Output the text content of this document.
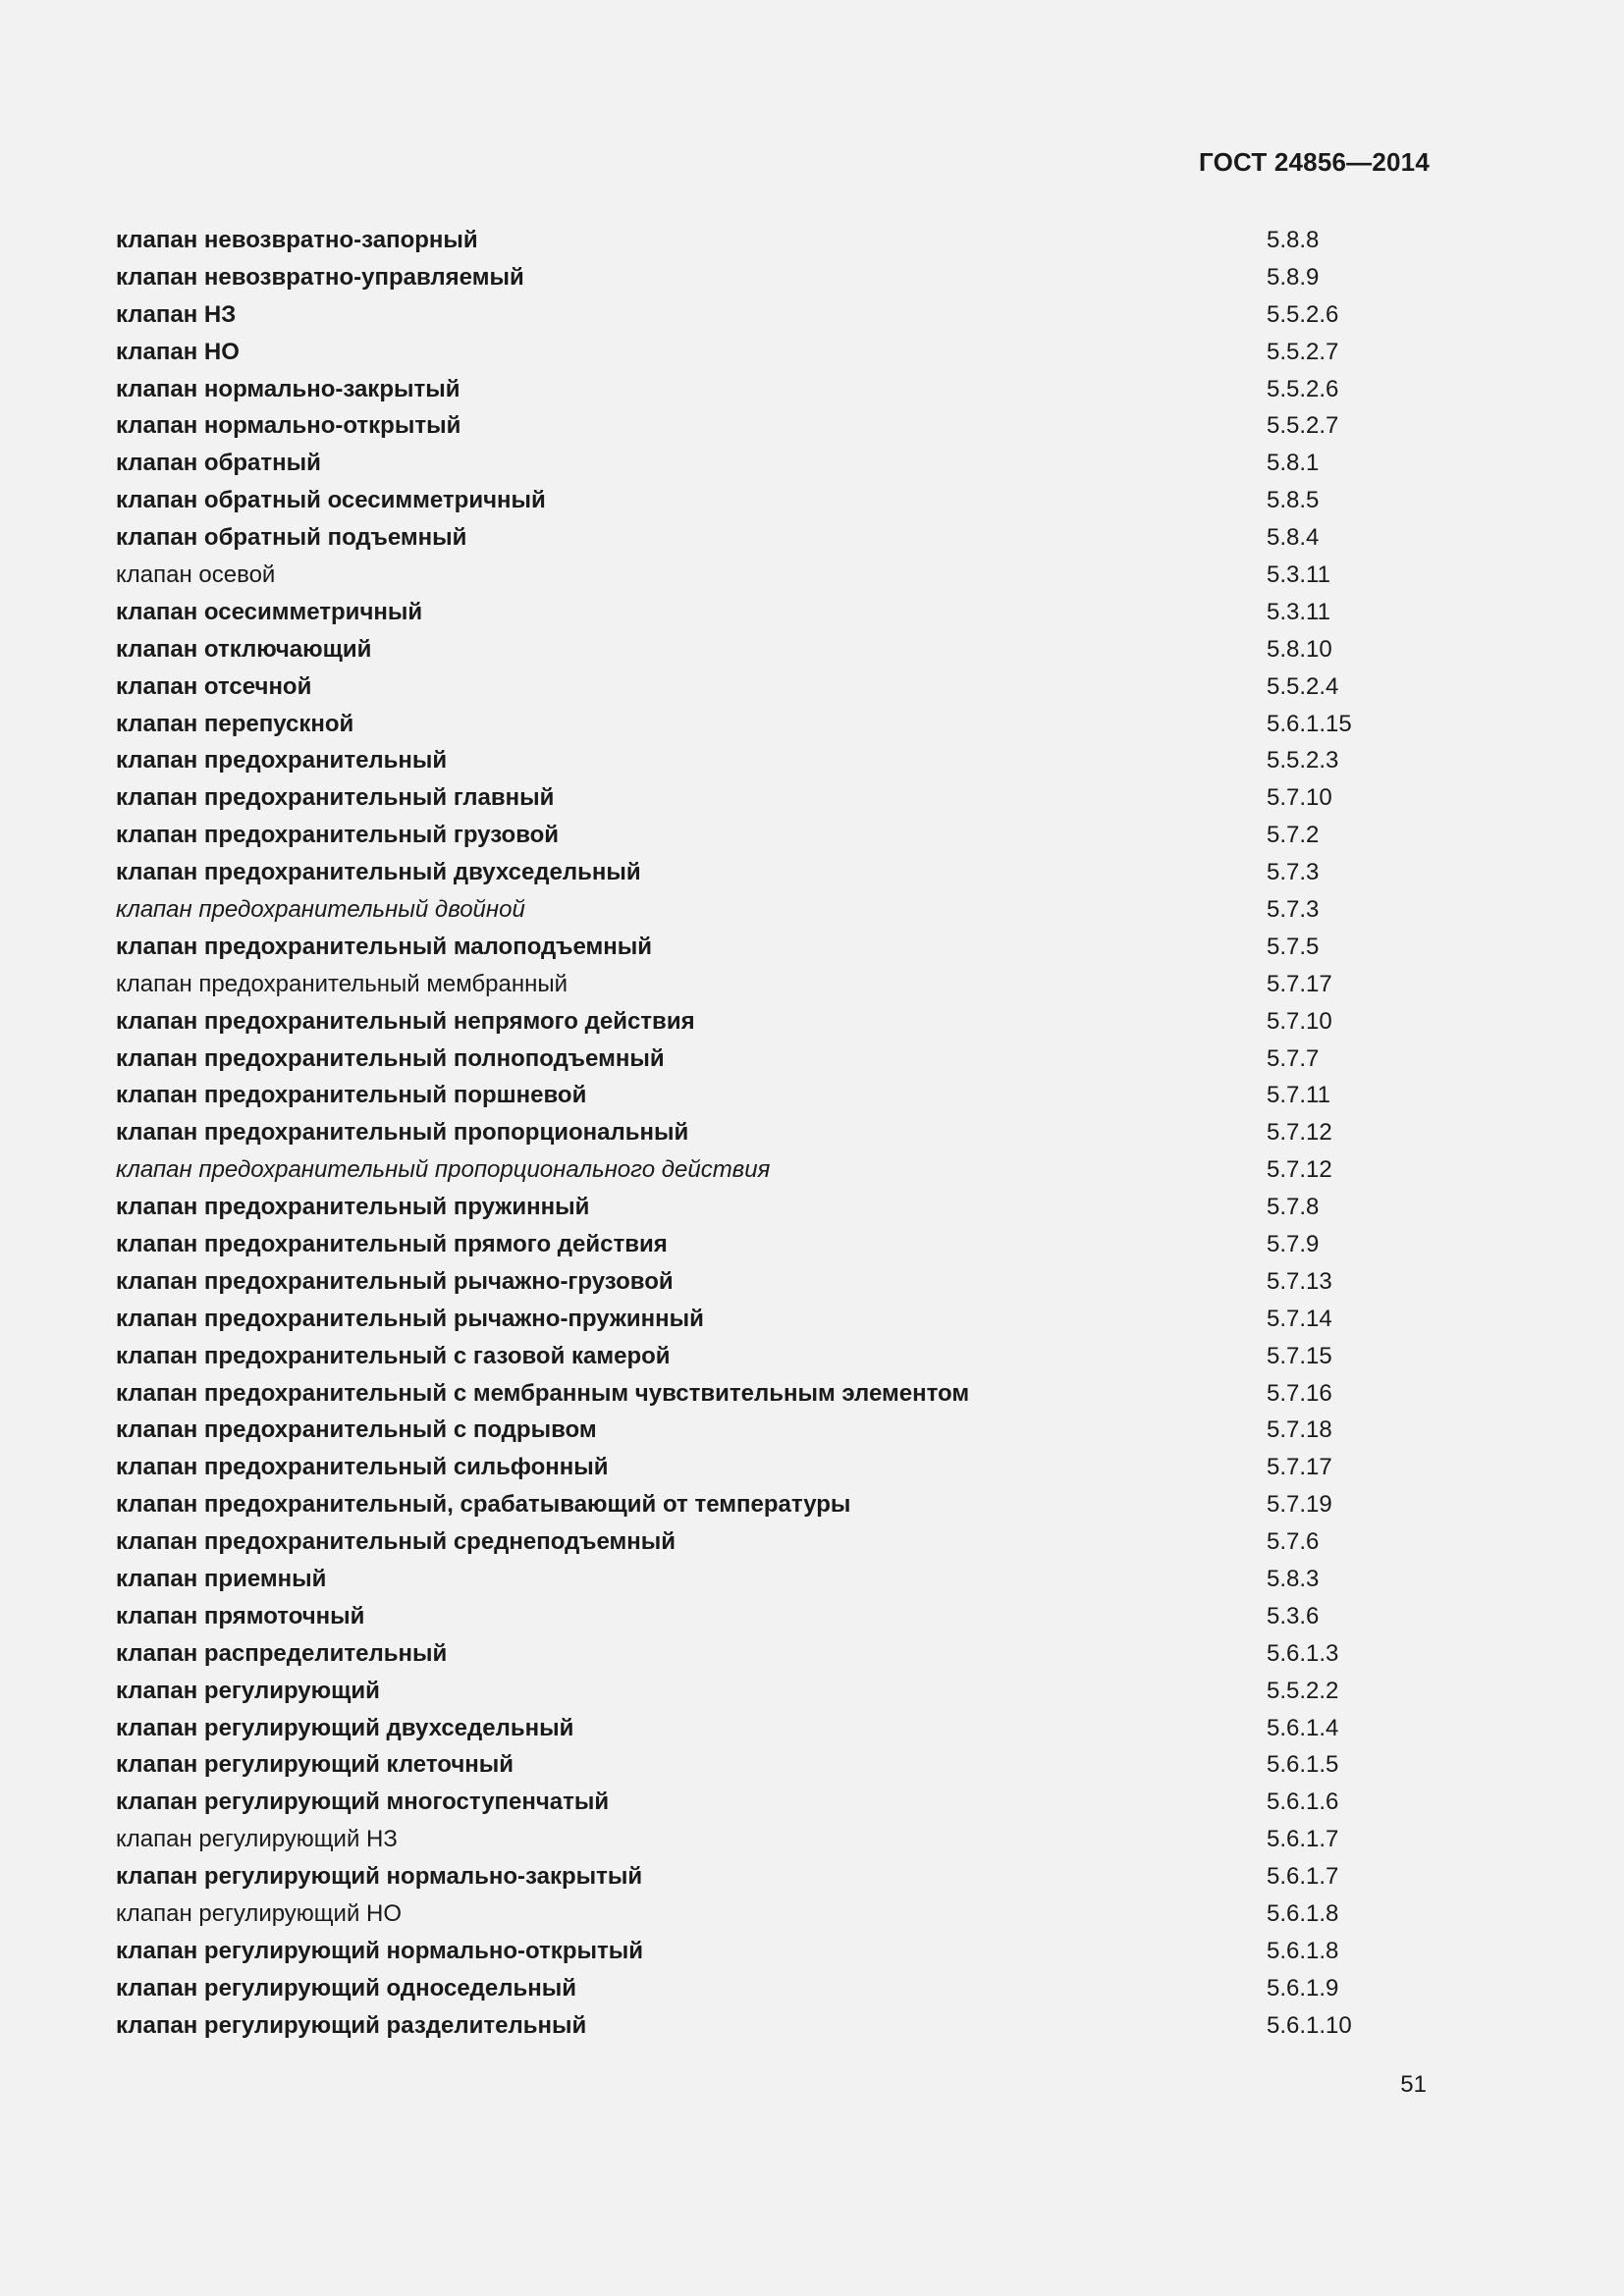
ГОСТ 24856—2014
клапан невозвратно-запорный	5.8.8
клапан невозвратно-управляемый	5.8.9
клапан НЗ	5.5.2.6
клапан НО	5.5.2.7
клапан нормально-закрытый	5.5.2.6
клапан нормально-открытый	5.5.2.7
клапан обратный	5.8.1
клапан обратный осесимметричный	5.8.5
клапан обратный подъемный	5.8.4
клапан осевой	5.3.11
клапан осесимметричный	5.3.11
клапан отключающий	5.8.10
клапан отсечной	5.5.2.4
клапан перепускной	5.6.1.15
клапан предохранительный	5.5.2.3
клапан предохранительный главный	5.7.10
клапан предохранительный грузовой	5.7.2
клапан предохранительный двухседельный	5.7.3
клапан предохранительный двойной	5.7.3
клапан предохранительный малоподъемный	5.7.5
клапан предохранительный мембранный	5.7.17
клапан предохранительный непрямого действия	5.7.10
клапан предохранительный полноподъемный	5.7.7
клапан предохранительный поршневой	5.7.11
клапан предохранительный пропорциональный	5.7.12
клапан предохранительный пропорционального действия	5.7.12
клапан предохранительный пружинный	5.7.8
клапан предохранительный прямого действия	5.7.9
клапан предохранительный рычажно-грузовой	5.7.13
клапан предохранительный рычажно-пружинный	5.7.14
клапан предохранительный с газовой камерой	5.7.15
клапан предохранительный с мембранным чувствительным элементом	5.7.16
клапан предохранительный с подрывом	5.7.18
клапан предохранительный сильфонный	5.7.17
клапан предохранительный, срабатывающий от температуры	5.7.19
клапан предохранительный среднеподъемный	5.7.6
клапан приемный	5.8.3
клапан прямоточный	5.3.6
клапан распределительный	5.6.1.3
клапан регулирующий	5.5.2.2
клапан регулирующий двухседельный	5.6.1.4
клапан регулирующий клеточный	5.6.1.5
клапан регулирующий многоступенчатый	5.6.1.6
клапан регулирующий НЗ	5.6.1.7
клапан регулирующий нормально-закрытый	5.6.1.7
клапан регулирующий НО	5.6.1.8
клапан регулирующий нормально-открытый	5.6.1.8
клапан регулирующий односедельный	5.6.1.9
клапан регулирующий разделительный	5.6.1.10
51
